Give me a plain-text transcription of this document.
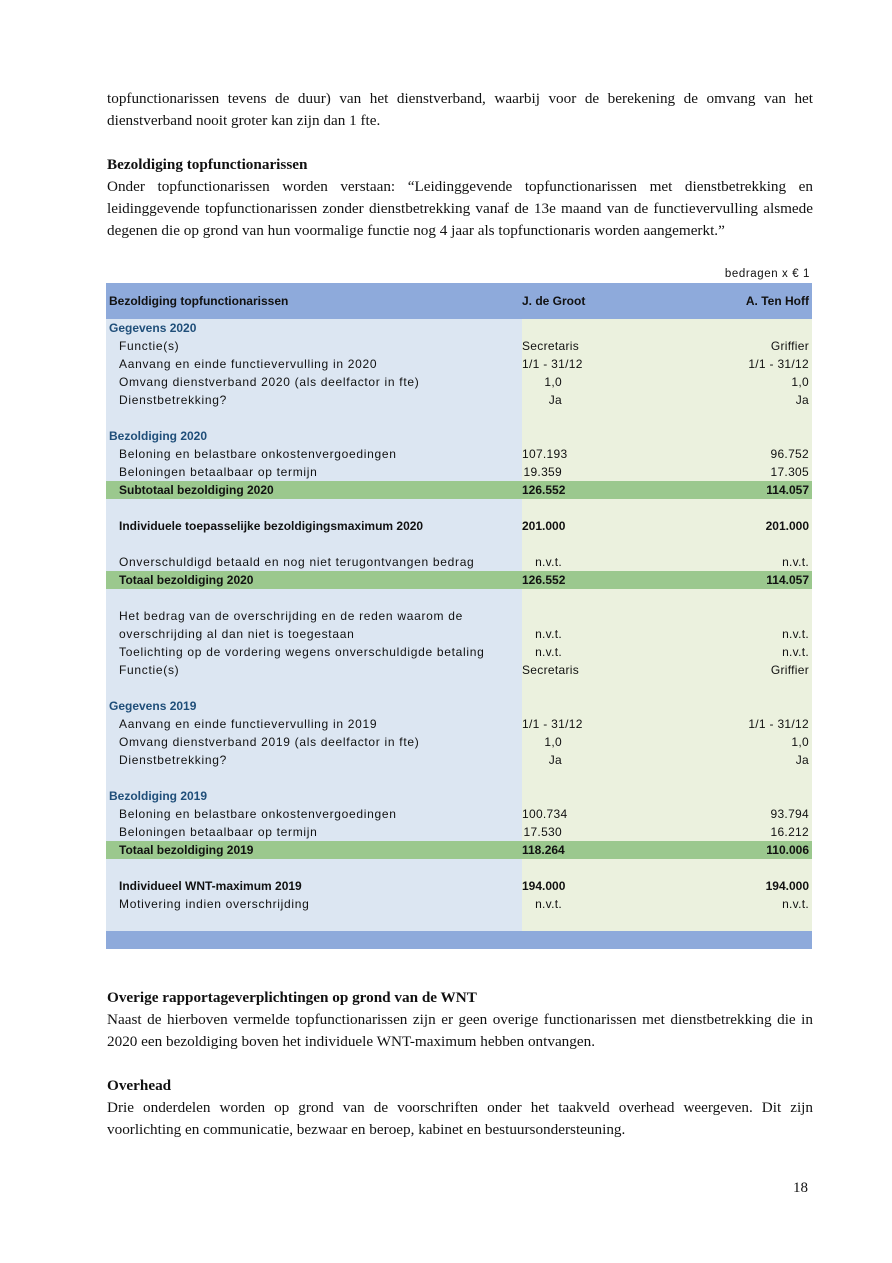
topfunctionarissen tevens de duur) van het dienstverband, waarbij voor de berekening de omvang van het dienstverband nooit groter kan zijn dan 1 fte.

Bezoldiging topfunctionarissen

Onder topfunctionarissen worden verstaan: “Leidinggevende topfunctionarissen met dienstbetrekking en leidinggevende topfunctionarissen zonder dienstbetrekking vanaf de 13e maand van de functievervulling alsmede degenen die op grond van hun voormalige functie nog 4 jaar als topfunctionaris worden aangemerkt.”

bedragen x € 1
Bezoldiging topfunctionarissen	J. de Groot	A. Ten Hoff
Gegevens 2020		
Functie(s)	Secretaris	Griffier
Aanvang en einde functievervulling in 2020	1/1 - 31/12	1/1 - 31/12
Omvang dienstverband 2020 (als deelfactor in fte)	1,0	1,0
Dienstbetrekking?	Ja	Ja

Bezoldiging 2020		
Beloning en belastbare onkostenvergoedingen	107.193	96.752
Beloningen betaalbaar op termijn	19.359	17.305
Subtotaal bezoldiging 2020	126.552	114.057

Individuele toepasselijke bezoldigingsmaximum 2020	201.000	201.000

Onverschuldigd betaald en nog niet terugontvangen bedrag	n.v.t.	n.v.t.
Totaal bezoldiging 2020	126.552	114.057

Het bedrag van de overschrijding en de reden waarom de		
overschrijding al dan niet is toegestaan	n.v.t.	n.v.t.
Toelichting op de vordering wegens onverschuldigde betaling	n.v.t.	n.v.t.
Functie(s)	Secretaris	Griffier

Gegevens 2019		
Aanvang en einde functievervulling in 2019	1/1 - 31/12	1/1 - 31/12
Omvang dienstverband 2019 (als deelfactor in fte)	1,0	1,0
Dienstbetrekking?	Ja	Ja

Bezoldiging 2019		
Beloning en belastbare onkostenvergoedingen	100.734	93.794
Beloningen betaalbaar op termijn	17.530	16.212
Totaal bezoldiging 2019	118.264	110.006

Individueel WNT-maximum 2019	194.000	194.000
Motivering indien overschrijding	n.v.t.	n.v.t.

Overige rapportageverplichtingen op grond van de WNT

Naast de hierboven vermelde topfunctionarissen zijn er geen overige functionarissen met dienstbetrekking die in 2020 een bezoldiging boven het individuele WNT-maximum hebben ontvangen.

Overhead

Drie onderdelen worden op grond van de voorschriften onder het taakveld overhead weergeven. Dit zijn voorlichting en communicatie, bezwaar en beroep, kabinet en bestuursondersteuning.

18
